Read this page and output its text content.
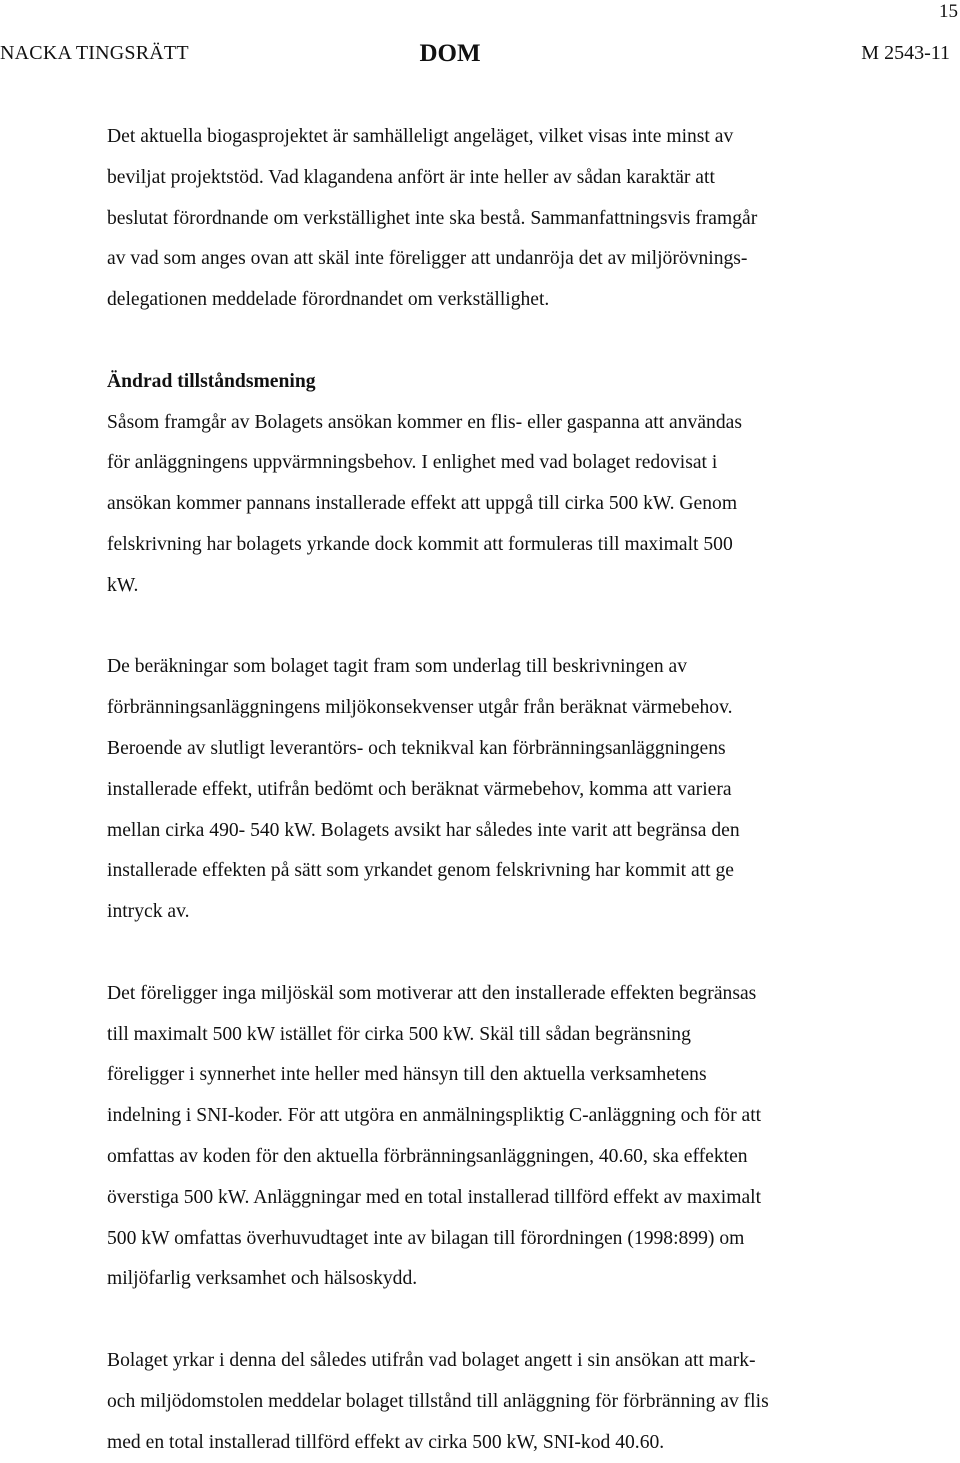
15
NACKA TINGSRÄTT	DOM	M 2543-11

Det aktuella biogasprojektet är samhälleligt angeläget, vilket visas inte minst av

beviljat projektstöd. Vad klagandena anfört är inte heller av sådan karaktär att

beslutat förordnande om verkställighet inte ska bestå. Sammanfattningsvis framgår

av vad som anges ovan att skäl inte föreligger att undanröja det av miljörövnings-

delegationen meddelade förordnandet om verkställighet.

Ändrad tillståndsmening

Såsom framgår av Bolagets ansökan kommer en flis- eller gaspanna att användas

för anläggningens uppvärmningsbehov. I enlighet med vad bolaget redovisat i

ansökan kommer pannans installerade effekt att uppgå till cirka 500 kW. Genom

felskrivning har bolagets yrkande dock kommit att formuleras till maximalt 500

kW.

De beräkningar som bolaget tagit fram som underlag till beskrivningen av

förbränningsanläggningens miljökonsekvenser utgår från beräknat värmebehov.

Beroende av slutligt leverantörs- och teknikval kan förbränningsanläggningens

installerade effekt, utifrån bedömt och beräknat värmebehov, komma att variera

mellan cirka 490- 540 kW. Bolagets avsikt har således inte varit att begränsa den

installerade effekten på sätt som yrkandet genom felskrivning har kommit att ge

intryck av.

Det föreligger inga miljöskäl som motiverar att den installerade effekten begränsas

till maximalt 500 kW istället för cirka 500 kW. Skäl till sådan begränsning

föreligger i synnerhet inte heller med hänsyn till den aktuella verksamhetens

indelning i SNI-koder. För att utgöra en anmälningspliktig C-anläggning och för att

omfattas av koden för den aktuella förbränningsanläggningen, 40.60, ska effekten

överstiga 500 kW. Anläggningar med en total installerad tillförd effekt av maximalt

500 kW omfattas överhuvudtaget inte av bilagan till förordningen (1998:899) om

miljöfarlig verksamhet och hälsoskydd.

Bolaget yrkar i denna del således utifrån vad bolaget angett i sin ansökan att mark-

och miljödomstolen meddelar bolaget tillstånd till anläggning för förbränning av flis

med en total installerad tillförd effekt av cirka 500 kW, SNI-kod 40.60.
